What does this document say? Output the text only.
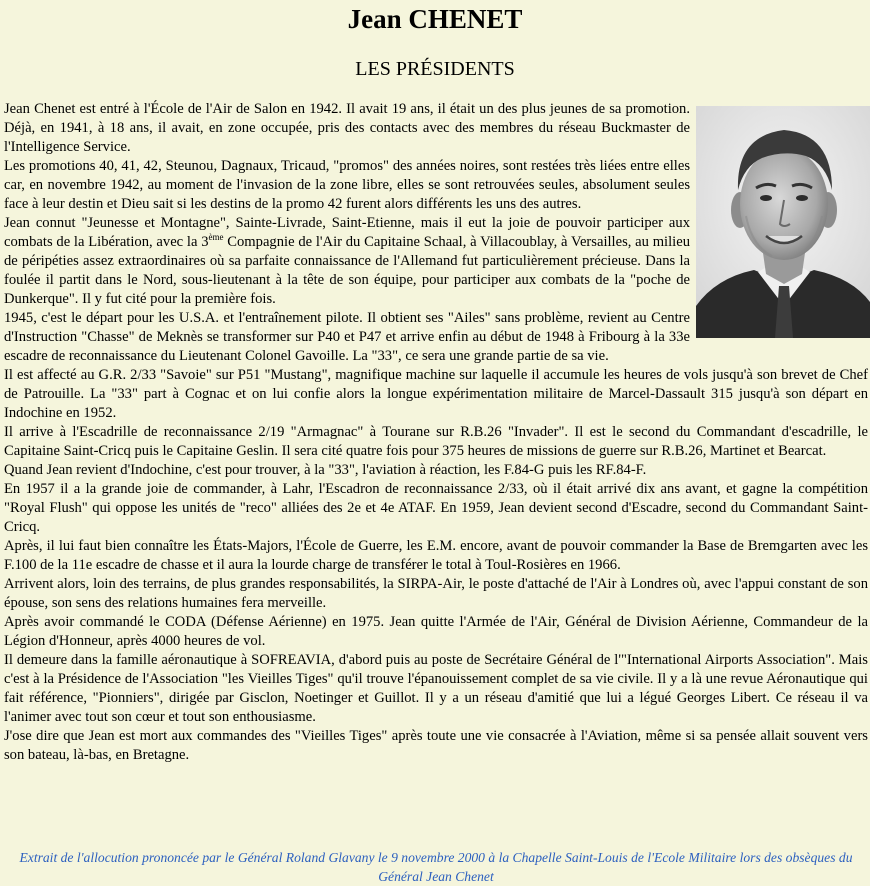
Jean CHENET
LES PRÉSIDENTS

Jean Chenet est entré à l'École de l'Air de Salon en 1942. Il avait 19 ans, il était un des plus jeunes de sa promotion. Déjà, en 1941, à 18 ans, il avait, en zone occupée, pris des contacts avec des membres du réseau Buckmaster de l'Intelligence Service.

Les promotions 40, 41, 42, Steunou, Dagnaux, Tricaud, "promos" des années noires, sont restées très liées entre elles car, en novembre 1942, au moment de l'invasion de la zone libre, elles se sont retrouvées seules, absolument seules face à leur destin et Dieu sait si les destins de la promo 42 furent alors différents les uns des autres.

Jean connut "Jeunesse et Montagne", Sainte-Livrade, Saint-Etienne, mais il eut la joie de pouvoir participer aux combats de la Libération, avec la 3ème Compagnie de l'Air du Capitaine Schaal, à Villacoublay, à Versailles, au milieu de péripéties assez extraordinaires où sa parfaite connaissance de l'Allemand fut particulièrement précieuse. Dans la foulée il partit dans le Nord, sous-lieutenant à la tête de son équipe, pour participer aux combats de la "poche de Dunkerque". Il y fut cité pour la première fois.

1945, c'est le départ pour les U.S.A. et l'entraînement pilote. Il obtient ses "Ailes" sans problème, revient au Centre d'Instruction "Chasse" de Meknès se transformer sur P40 et P47 et arrive enfin au début de 1948 à Fribourg à la 33e escadre de reconnaissance du Lieutenant Colonel Gavoille. La "33", ce sera une grande partie de sa vie.

Il est affecté au G.R. 2/33 "Savoie" sur P51 "Mustang", magnifique machine sur laquelle il accumule les heures de vols jusqu'à son brevet de Chef de Patrouille. La "33" part à Cognac et on lui confie alors la longue expérimentation militaire de Marcel-Dassault 315 jusqu'à son départ en Indochine en 1952.

Il arrive à l'Escadrille de reconnaissance 2/19 "Armagnac" à Tourane sur R.B.26 "Invader". Il est le second du Commandant d'escadrille, le Capitaine Saint-Cricq puis le Capitaine Geslin. Il sera cité quatre fois pour 375 heures de missions de guerre sur R.B.26, Martinet et Bearcat.

Quand Jean revient d'Indochine, c'est pour trouver, à la "33", l'aviation à réaction, les F.84-G puis les RF.84-F.

En 1957 il a la grande joie de commander, à Lahr, l'Escadron de reconnaissance 2/33, où il était arrivé dix ans avant, et gagne la compétition "Royal Flush" qui oppose les unités de "reco" alliées des 2e et 4e ATAF. En 1959, Jean devient second d'Escadre, second du Commandant Saint-Cricq.

Après, il lui faut bien connaître les États-Majors, l'École de Guerre, les E.M. encore, avant de pouvoir commander la Base de Bremgarten avec les F.100 de la 11e escadre de chasse et il aura la lourde charge de transférer le total à Toul-Rosières en 1966.

Arrivent alors, loin des terrains, de plus grandes responsabilités, la SIRPA-Air, le poste d'attaché de l'Air à Londres où, avec l'appui constant de son épouse, son sens des relations humaines fera merveille.

Après avoir commandé le CODA (Défense Aérienne) en 1975. Jean quitte l'Armée de l'Air, Général de Division Aérienne, Commandeur de la Légion d'Honneur, après 4000 heures de vol.

Il demeure dans la famille aéronautique à SOFREAVIA, d'abord puis au poste de Secrétaire Général de l'"International Airports Association". Mais c'est à la Présidence de l'Association "les Vieilles Tiges" qu'il trouve l'épanouissement complet de sa vie civile. Il y a là une revue Aéronautique qui fait référence, "Pionniers", dirigée par Gisclon, Noetinger et Guillot. Il y a un réseau d'amitié que lui a légué Georges Libert. Ce réseau il va l'animer avec tout son cœur et tout son enthousiasme.

J'ose dire que Jean est mort aux commandes des "Vieilles Tiges" après toute une vie consacrée à l'Aviation, même si sa pensée allait souvent vers son bateau, là-bas, en Bretagne.

Extrait de l'allocution prononcée par le Général Roland Glavany le 9 novembre 2000 à la Chapelle Saint-Louis de l'Ecole Militaire lors des obsèques du Général Jean Chenet
